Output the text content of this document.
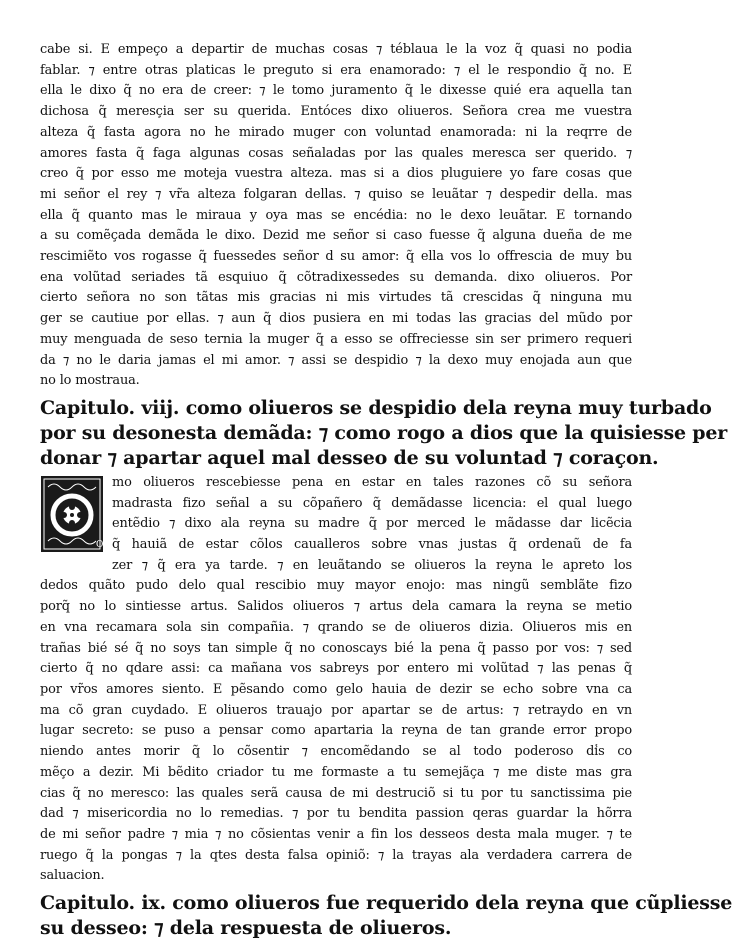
cabe si. E empeço a departir de muchas cosas ⁊ téblaua le la voz q̃ quasi no podia
fablar. ⁊ entre otras platicas le preguto si era enamorado: ⁊ el le respondio q̃ no. E
ella le dixo q̃ no era de creer: ⁊ le tomo juramento q̃ le dixesse quié era aquella tan
dichosa q̃ meresçia ser su querida. Entóces dixo oliueros. Señora crea me vuestra
alteza q̃ fasta agora no he mirado muger con voluntad enamorada: ni la reqrre de
amores fasta q̃ faga algunas cosas señaladas por las quales meresca ser querido. ⁊
creo q̃ por esso me moteja vuestra alteza. mas si a dios pluguiere yo fare cosas que
mi señor el rey ⁊ vr̃a alteza folgaran dellas. ⁊ quiso se leuãtar ⁊ despedir della. mas
ella q̃ quanto mas le miraua y oya mas se encédia: no le dexo leuãtar. E tornando
a su comẽçada demãda le dixo. Dezid me señor si caso fuesse q̃ alguna dueña de me
rescimiẽto vos rogasse q̃ fuessedes señor d su amor: q̃ ella vos lo offrescia de muy bu
ena volũtad seriades tã esquiuo q̃ cõtradixessedes su demanda. dixo oliueros. Por
cierto señora no son tãtas mis gracias ni mis virtudes tã crescidas q̃ ninguna mu
ger se cautiue por ellas. ⁊ aun q̃ dios pusiera en mi todas las gracias del mũdo por
muy menguada de seso ternia la muger q̃ a esso se offreciesse sin ser primero requeri
da ⁊ no le daria jamas el mi amor. ⁊ assi se despidio ⁊ la dexo muy enojada aun que
no lo mostraua.
Capitulo. viij. como oliueros se despidio dela reyna muy turbado
por su desonesta demãda: ⁊ como rogo a dios que la quisiesse per
donar ⁊ apartar aquel mal desseo de su voluntad ⁊ coraçon.
O
mo oliueros rescebiesse pena en estar en tales razones cõ su señora
madrasta fizo señal a su cõpañero q̃ demãdasse licencia: el qual luego
entẽdio ⁊ dixo ala reyna su madre q̃ por merced le mãdasse dar licẽcia
q̃ hauiã de estar cõlos caualleros sobre vnas justas q̃ ordenaũ de fa
zer ⁊ q̃ era ya tarde. ⁊ en leuãtando se oliueros la reyna le apreto los
dedos quãto pudo delo qual rescibio muy mayor enojo: mas ningũ semblãte fizo
porq̃ no lo sintiesse artus. Salidos oliueros ⁊ artus dela camara la reyna se metio
en vna recamara sola sin compañia. ⁊ qrando se de oliueros dizia. Oliueros mis en
trañas bié sé q̃ no soys tan simple q̃ no conoscays bié la pena q̃ passo por vos: ⁊ sed
cierto q̃ no qdare assi: ca mañana vos sabreys por entero mi volũtad ⁊ las penas q̃
por vr̃os amores siento. E pẽsando como gelo hauia de dezir se echo sobre vna ca
ma cõ gran cuydado. E oliueros trauajo por apartar se de artus: ⁊ retraydo en vn
lugar secreto: se puso a pensar como apartaria la reyna de tan grande error propo
niendo antes morir q̃ lo cõsentir ⁊ encomẽdando se al todo poderoso di̾s co
mẽço a dezir. Mi bẽdito criador tu me formaste a tu semejãça ⁊ me diste mas gra
cias q̃ no meresco: las quales serã causa de mi destruciõ si tu por tu sanctissima pie
dad ⁊ misericordia no lo remedias. ⁊ por tu bendita passion qeras guardar la hõrra
de mi señor padre ⁊ mia ⁊ no cõsientas venir a fin los desseos desta mala muger. ⁊ te
ruego q̃ la pongas ⁊ la qtes desta falsa opiniõ: ⁊ la trayas ala verdadera carrera de
saluacion.
Capitulo. ix. como oliueros fue requerido dela reyna que cũpliesse
su desseo: ⁊ dela respuesta de oliueros.
